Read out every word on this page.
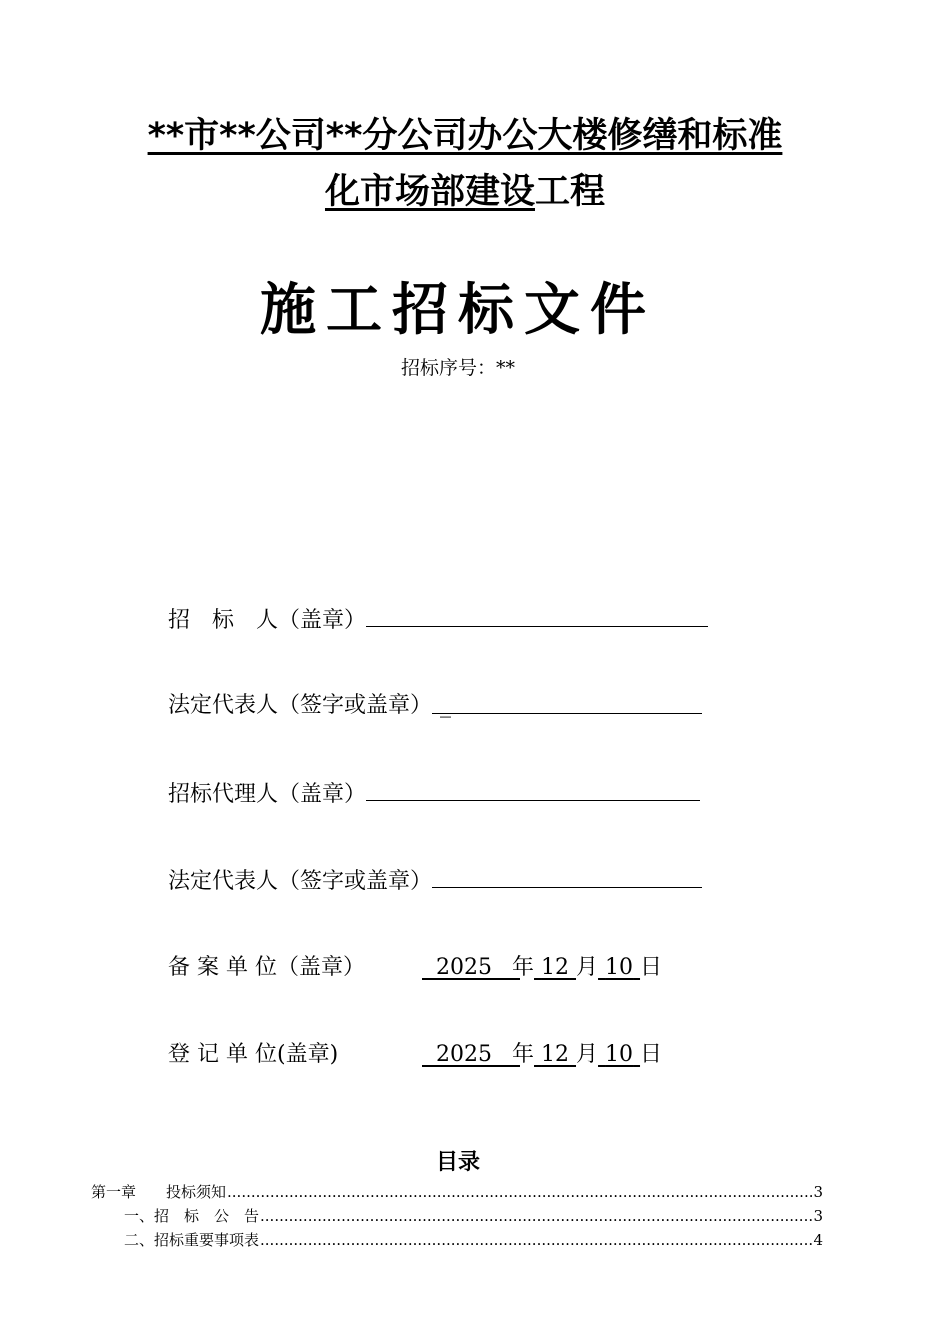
**市**公司**分公司办公大楼修缮和标准
化市场部建设工程
施工招标文件
招标序号：**
招　标　人（盖章）
法定代表人（签字或盖章） _
招标代理人（盖章）
法定代表人（签字或盖章）
备 案 单 位（盖章）	2025 年 12 月 10 日
登 记 单 位(盖章)	2025 年 12 月 10 日
目录
第一章　　投标须知 .....	3
一、招　标　公　告 .....	3
二、招标重要事项表 .....	4
